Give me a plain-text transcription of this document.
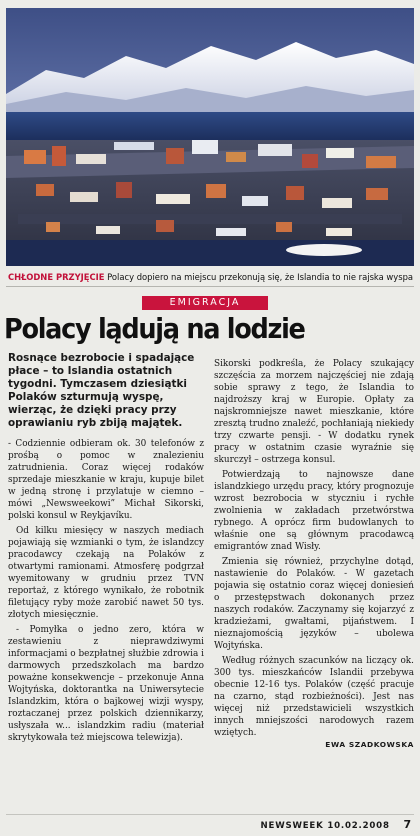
CHŁODNE PRZYJĘCIE Polacy dopiero na miejscu przekonują się, że Islandia to nie rajska wyspa
EMIGRACJA
Polacy lądują na lodzie

Rosnące bezrobocie i spadające płace – to Islandia ostatnich tygodni. Tymczasem dziesiątki Polaków szturmują wyspę, wierząc, że dzięki pracy przy oprawianiu ryb zbiją majątek.

- Codziennie odbieram ok. 30 telefonów z prośbą o pomoc w znalezieniu zatrudnienia. Coraz więcej rodaków sprzedaje mieszkanie w kraju, kupuje bilet w jedną stronę i przylatuje w ciemno – mówi „Newsweekowi” Michał Sikorski, polski konsul w Reykjavíku.

Od kilku miesięcy w naszych mediach pojawiają się wzmianki o tym, że islandzcy pracodawcy czekają na Polaków z otwartymi ramionami. Atmosferę podgrzał wyemitowany w grudniu przez TVN reportaż, z którego wynikało, że robotnik filetujący ryby może zarobić nawet 50 tys. złotych miesięcznie.

- Pomyłka o jedno zero, która w zestawieniu z nieprawdziwymi informacjami o bezpłatnej służbie zdrowia i darmowych przedszkolach ma bardzo poważne konsekwencje – przekonuje Anna Wojtyńska, doktorantka na Uniwersytecie Islandzkim, która o bajkowej wizji wyspy, roztaczanej przez polskich dziennikarzy, usłyszała w... islandzkim radiu (materiał skrytykowała też miejscowa telewizja).

Sikorski podkreśla, że Polacy szukający szczęścia za morzem najczęściej nie zdają sobie sprawy z tego, że Islandia to najdroższy kraj w Europie. Opłaty za najskromniejsze nawet mieszkanie, które zresztą trudno znaleźć, pochłaniają niekiedy trzy czwarte pensji. - W dodatku rynek pracy w ostatnim czasie wyraźnie się skurczył – ostrzega konsul.

Potwierdzają to najnowsze dane islandzkiego urzędu pracy, który prognozuje wzrost bezrobocia w styczniu i rychłe zwolnienia w zakładach przetwórstwa rybnego. A oprócz firm budowlanych to właśnie one są głównym pracodawcą emigrantów znad Wisły.

Zmienia się również, przychylne dotąd, nastawienie do Polaków. - W gazetach pojawia się ostatnio coraz więcej doniesień o przestępstwach dokonanych przez naszych rodaków. Zaczynamy się kojarzyć z kradzieżami, gwałtami, pijaństwem. I nieznajomością języków – ubolewa Wojtyńska.

Według różnych szacunków na liczący ok. 300 tys. mieszkańców Islandii przebywa obecnie 12-16 tys. Polaków (część pracuje na czarno, stąd rozbieżności). Jest nas więcej niż przedstawicieli wszystkich innych mniejszości narodowych razem wziętych.

EWA SZADKOWSKA
NEWSWEEK 10.02.2008 7
